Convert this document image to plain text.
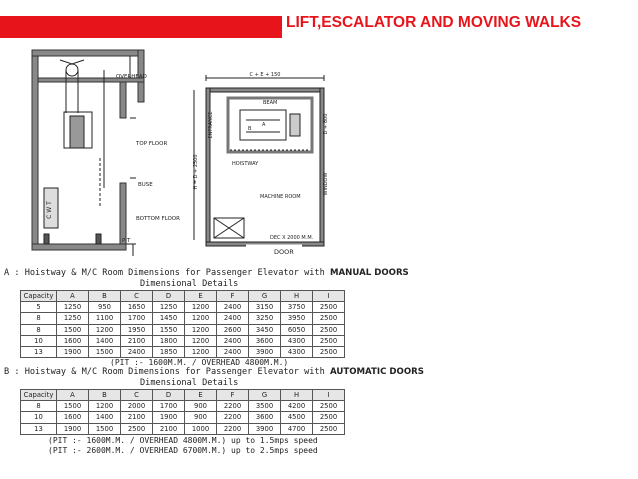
LIFT,ESCALATOR AND MOVING WALKS
C W T
OVERHEAD
TOP FLOOR
BUSE
BOTTOM FLOOR
PIT
C + E + 150
H = D + 2500
ENTRANCE	D + 800
WINDOW
BEAM
A
B
HOISTWAY
MACHINE ROOM
DEC X 2000 M.M.
DOOR
A : Hoistway & M/C Room Dimensions for Passenger Elevator with MANUAL DOORS
Dimensional Details
Capacity	A	B	C	D	E	F	G	H	I
5	1250	950	1650	1250	1200	2400	3150	3750	2500
8	1250	1100	1700	1450	1200	2400	3250	3950	2500
8	1500	1200	1950	1550	1200	2600	3450	6050	2500
10	1600	1400	2100	1800	1200	2400	3600	4300	2500
13	1900	1500	2400	1850	1200	2400	3900	4300	2500
(PIT :- 1600M.M. / OVERHEAD 4800M.M.)
B : Hoistway & M/C Room Dimensions for Passenger Elevator with AUTOMATIC DOORS
Dimensional Details
Capacity	A	B	C	D	E	F	G	H	I
8	1500	1200	2000	1700	900	2200	3500	4200	2500
10	1600	1400	2100	1900	900	2200	3600	4500	2500
13	1900	1500	2500	2100	1000	2200	3900	4700	2500
(PIT :- 1600M.M. / OVERHEAD 4800M.M.) up to 1.5mps speed
(PIT :- 2600M.M. / OVERHEAD 6700M.M.) up to 2.5mps speed
